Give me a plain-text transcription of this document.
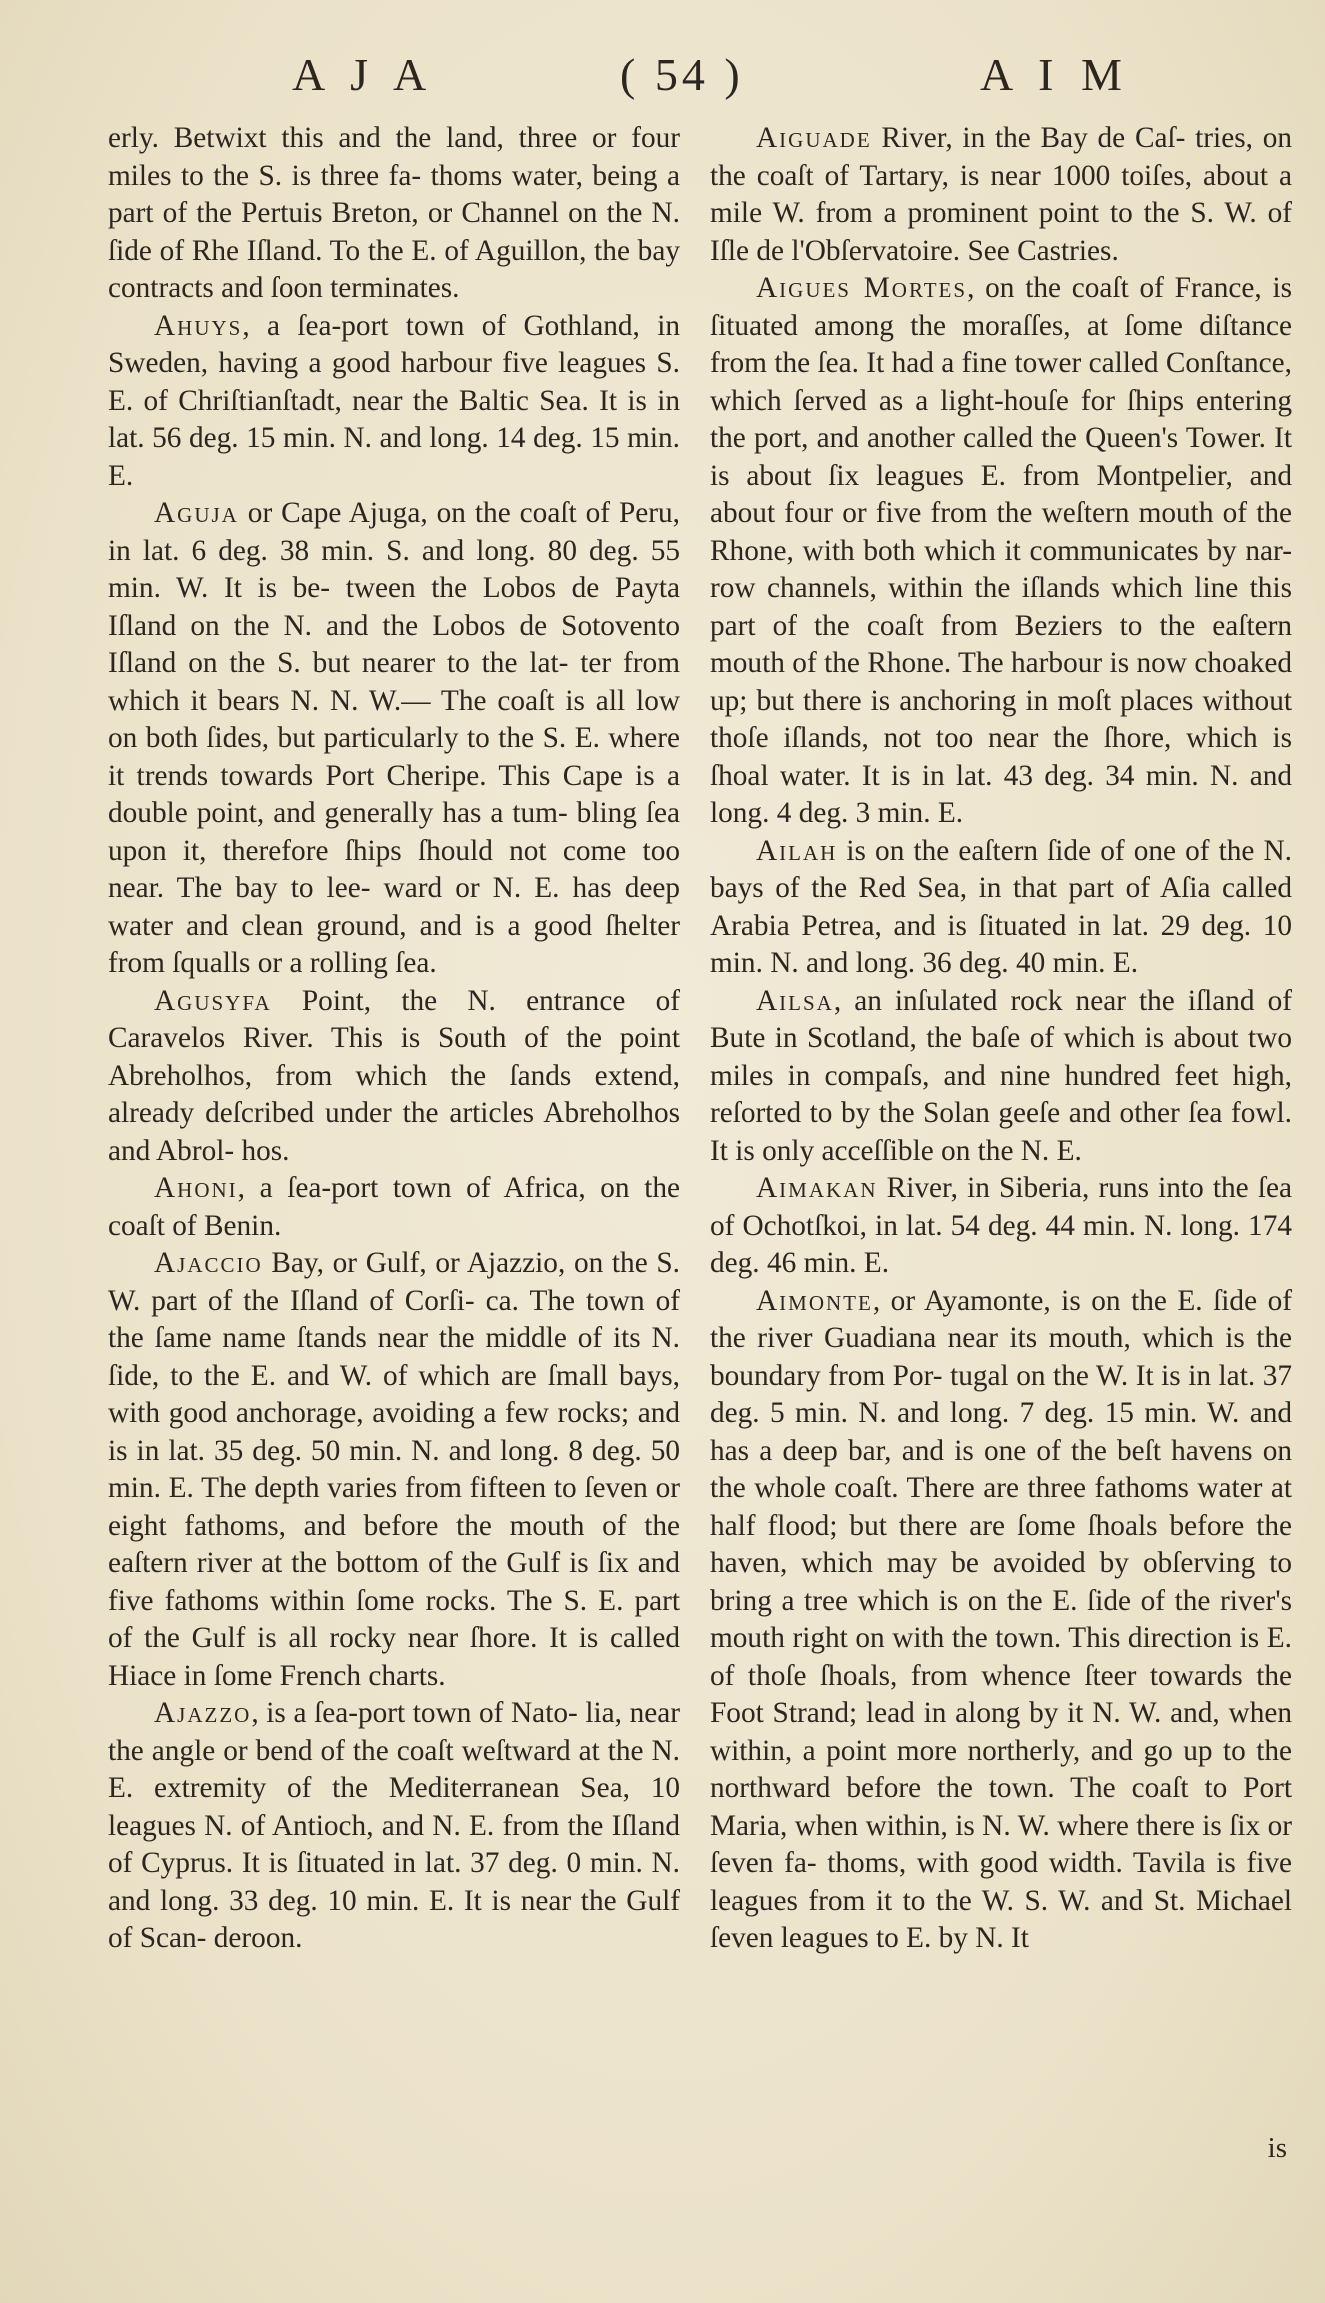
A J A	( 54 )	A I M

erly. Betwixt this and the land, three or four miles to the S. is three fa- thoms water, being a part of the Pertuis Breton, or Channel on the N. ſide of Rhe Iſland. To the E. of Aguillon, the bay contracts and ſoon terminates.

Ahuys, a ſea-port town of Gothland, in Sweden, having a good harbour five leagues S. E. of Chriſtianſtadt, near the Baltic Sea. It is in lat. 56 deg. 15 min. N. and long. 14 deg. 15 min. E.

Aguja or Cape Ajuga, on the coaſt of Peru, in lat. 6 deg. 38 min. S. and long. 80 deg. 55 min. W. It is be- tween the Lobos de Payta Iſland on the N. and the Lobos de Sotovento Iſland on the S. but nearer to the lat- ter from which it bears N. N. W.— The coaſt is all low on both ſides, but particularly to the S. E. where it trends towards Port Cheripe. This Cape is a double point, and generally has a tum- bling ſea upon it, therefore ſhips ſhould not come too near. The bay to lee- ward or N. E. has deep water and clean ground, and is a good ſhelter from ſqualls or a rolling ſea.

Agusyfa Point, the N. entrance of Caravelos River. This is South of the point Abreholhos, from which the ſands extend, already deſcribed under the articles Abreholhos and Abrol- hos.

Ahoni, a ſea-port town of Africa, on the coaſt of Benin.

Ajaccio Bay, or Gulf, or Ajazzio, on the S. W. part of the Iſland of Corſi- ca. The town of the ſame name ſtands near the middle of its N. ſide, to the E. and W. of which are ſmall bays, with good anchorage, avoiding a few rocks; and is in lat. 35 deg. 50 min. N. and long. 8 deg. 50 min. E. The depth varies from fifteen to ſeven or eight fathoms, and before the mouth of the eaſtern river at the bottom of the Gulf is ſix and five fathoms within ſome rocks. The S. E. part of the Gulf is all rocky near ſhore. It is called Hiace in ſome French charts.

Ajazzo, is a ſea-port town of Nato- lia, near the angle or bend of the coaſt weſtward at the N. E. extremity of the Mediterranean Sea, 10 leagues N. of Antioch, and N. E. from the Iſland of Cyprus. It is ſituated in lat. 37 deg. 0 min. N. and long. 33 deg. 10 min. E. It is near the Gulf of Scan- deroon.

Aiguade River, in the Bay de Caſ- tries, on the coaſt of Tartary, is near 1000 toiſes, about a mile W. from a prominent point to the S. W. of Iſle de l'Obſervatoire. See Castries.

Aigues Mortes, on the coaſt of France, is ſituated among the moraſſes, at ſome diſtance from the ſea. It had a fine tower called Conſtance, which ſerved as a light-houſe for ſhips entering the port, and another called the Queen's Tower. It is about ſix leagues E. from Montpelier, and about four or five from the weſtern mouth of the Rhone, with both which it communicates by nar- row channels, within the iſlands which line this part of the coaſt from Beziers to the eaſtern mouth of the Rhone. The harbour is now choaked up; but there is anchoring in moſt places without thoſe iſlands, not too near the ſhore, which is ſhoal water. It is in lat. 43 deg. 34 min. N. and long. 4 deg. 3 min. E.

Ailah is on the eaſtern ſide of one of the N. bays of the Red Sea, in that part of Aſia called Arabia Petrea, and is ſituated in lat. 29 deg. 10 min. N. and long. 36 deg. 40 min. E.

Ailsa, an inſulated rock near the iſland of Bute in Scotland, the baſe of which is about two miles in compaſs, and nine hundred feet high, reſorted to by the Solan geeſe and other ſea fowl. It is only acceſſible on the N. E.

Aimakan River, in Siberia, runs into the ſea of Ochotſkoi, in lat. 54 deg. 44 min. N. long. 174 deg. 46 min. E.

Aimonte, or Ayamonte, is on the E. ſide of the river Guadiana near its mouth, which is the boundary from Por- tugal on the W. It is in lat. 37 deg. 5 min. N. and long. 7 deg. 15 min. W. and has a deep bar, and is one of the beſt havens on the whole coaſt. There are three fathoms water at half flood; but there are ſome ſhoals before the haven, which may be avoided by obſerving to bring a tree which is on the E. ſide of the river's mouth right on with the town. This direction is E. of thoſe ſhoals, from whence ſteer towards the Foot Strand; lead in along by it N. W. and, when within, a point more northerly, and go up to the northward before the town. The coaſt to Port Maria, when within, is N. W. where there is ſix or ſeven fa- thoms, with good width. Tavila is five leagues from it to the W. S. W. and St. Michael ſeven leagues to E. by N. It

is
